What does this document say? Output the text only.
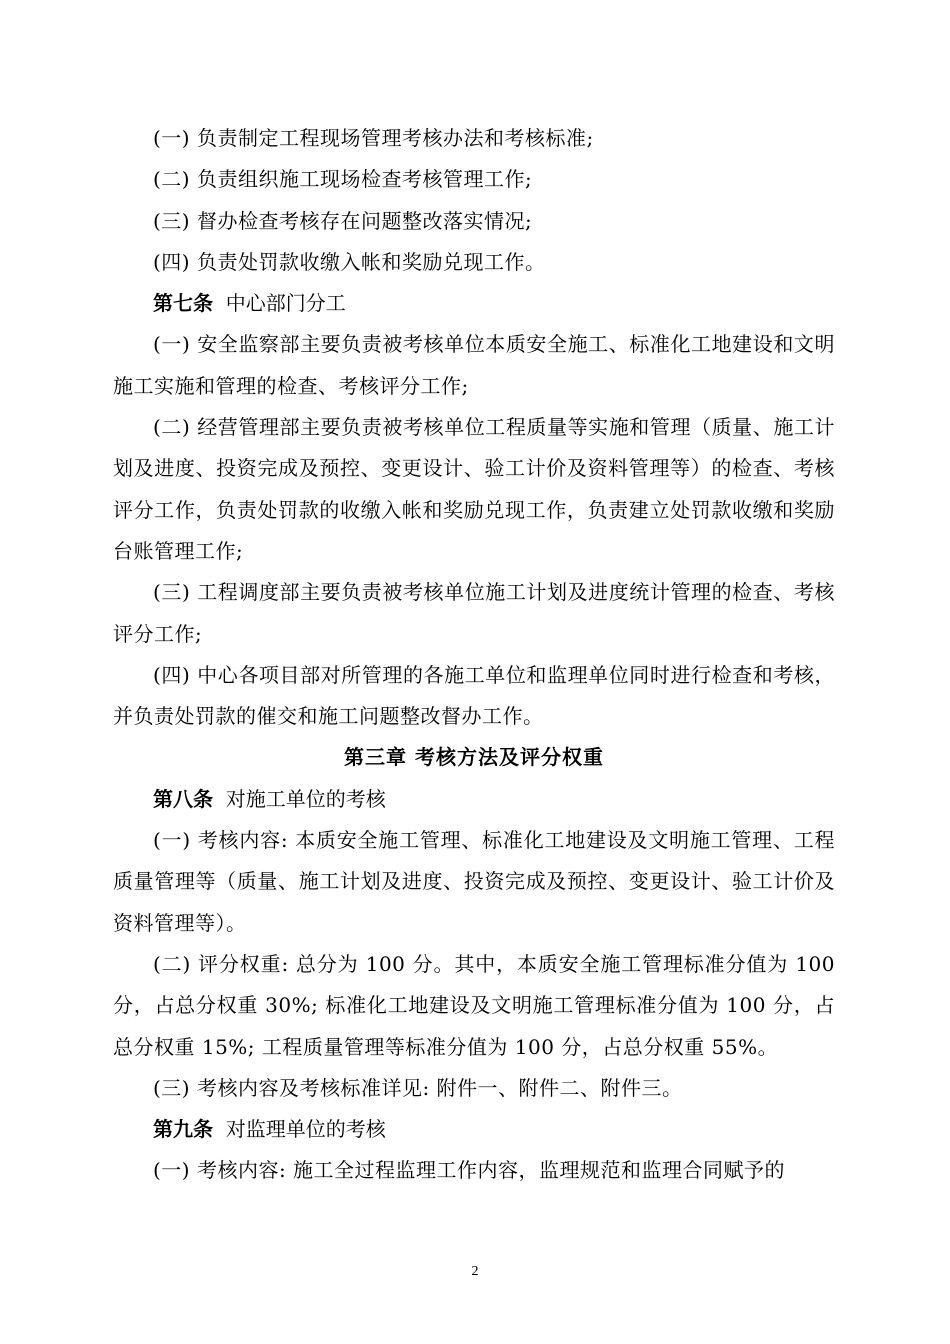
(一) 负责制定工程现场管理考核办法和考核标准;

(二) 负责组织施工现场检查考核管理工作;

(三) 督办检查考核存在问题整改落实情况;

(四) 负责处罚款收缴入帐和奖励兑现工作。

第七条 中心部门分工

(一) 安全监察部主要负责被考核单位本质安全施工、标准化工地建设和文明施工实施和管理的检查、考核评分工作;

(二) 经营管理部主要负责被考核单位工程质量等实施和管理（质量、施工计划及进度、投资完成及预控、变更设计、验工计价及资料管理等）的检查、考核评分工作，负责处罚款的收缴入帐和奖励兑现工作，负责建立处罚款收缴和奖励台账管理工作;

(三) 工程调度部主要负责被考核单位施工计划及进度统计管理的检查、考核评分工作;

(四) 中心各项目部对所管理的各施工单位和监理单位同时进行检查和考核，并负责处罚款的催交和施工问题整改督办工作。

第三章 考核方法及评分权重

第八条 对施工单位的考核

(一) 考核内容: 本质安全施工管理、标准化工地建设及文明施工管理、工程质量管理等（质量、施工计划及进度、投资完成及预控、变更设计、验工计价及资料管理等）。

(二) 评分权重: 总分为 100 分。其中，本质安全施工管理标准分值为 100 分，占总分权重 30%; 标准化工地建设及文明施工管理标准分值为 100 分，占总分权重 15%; 工程质量管理等标准分值为 100 分，占总分权重 55%。

(三) 考核内容及考核标准详见: 附件一、附件二、附件三。

第九条 对监理单位的考核

(一) 考核内容: 施工全过程监理工作内容，监理规范和监理合同赋予的

2
